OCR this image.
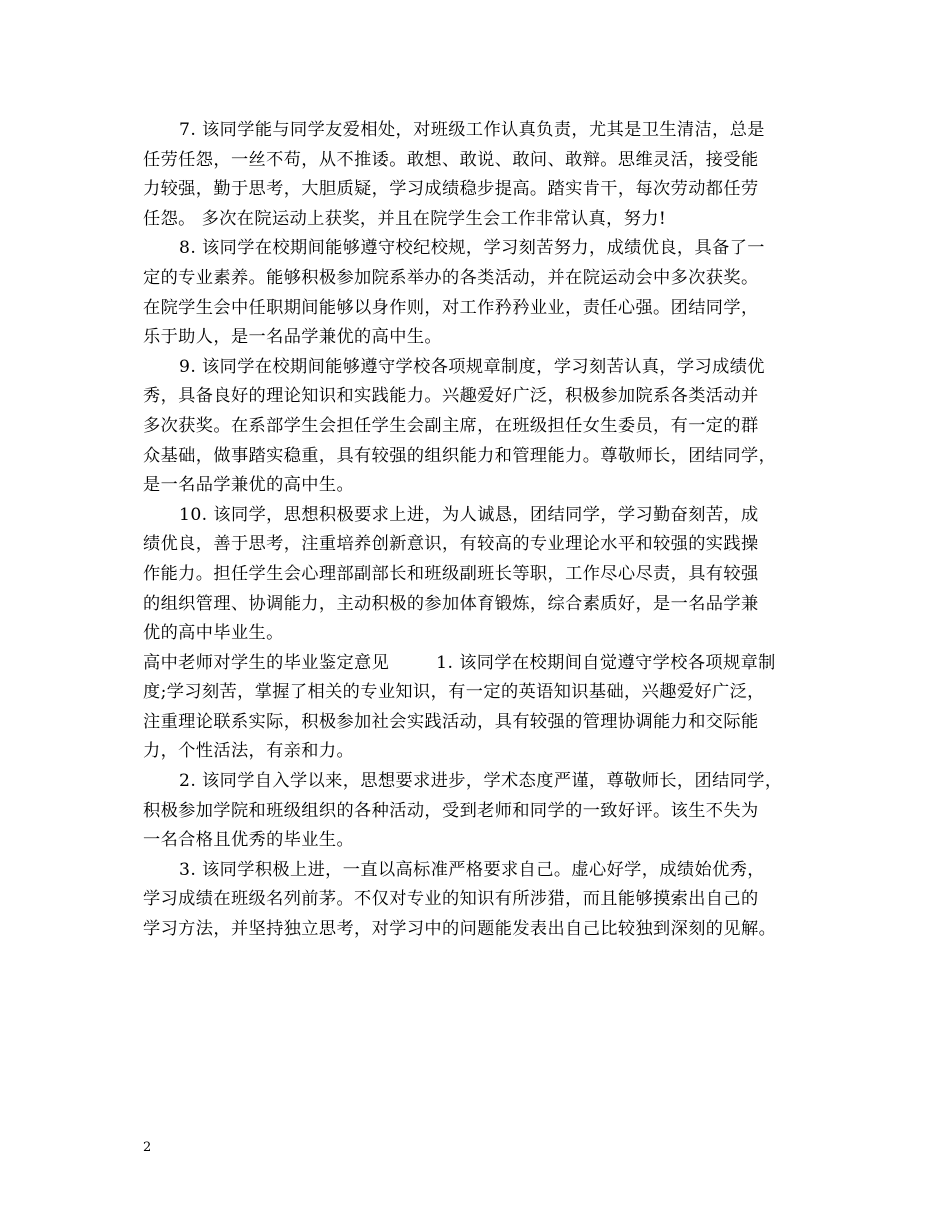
7. 该同学能与同学友爱相处，对班级工作认真负责，尤其是卫生清洁，总是
任劳任怨，一丝不苟，从不推诿。敢想、敢说、敢问、敢辩。思维灵活，接受能
力较强，勤于思考，大胆质疑，学习成绩稳步提高。踏实肯干，每次劳动都任劳
任怨。 多次在院运动上获奖，并且在院学生会工作非常认真，努力!
8. 该同学在校期间能够遵守校纪校规，学习刻苦努力，成绩优良，具备了一
定的专业素养。能够积极参加院系举办的各类活动，并在院运动会中多次获奖。
在院学生会中任职期间能够以身作则，对工作矜矜业业，责任心强。团结同学，
乐于助人，是一名品学兼优的高中生。
9. 该同学在校期间能够遵守学校各项规章制度，学习刻苦认真，学习成绩优
秀，具备良好的理论知识和实践能力。兴趣爱好广泛，积极参加院系各类活动并
多次获奖。在系部学生会担任学生会副主席，在班级担任女生委员，有一定的群
众基础，做事踏实稳重，具有较强的组织能力和管理能力。尊敬师长，团结同学，
是一名品学兼优的高中生。
10. 该同学，思想积极要求上进，为人诚恳，团结同学，学习勤奋刻苦，成
绩优良，善于思考，注重培养创新意识，有较高的专业理论水平和较强的实践操
作能力。担任学生会心理部副部长和班级副班长等职，工作尽心尽责，具有较强
的组织管理、协调能力，主动积极的参加体育锻炼，综合素质好，是一名品学兼
优的高中毕业生。
高中老师对学生的毕业鉴定意见        1. 该同学在校期间自觉遵守学校各项规章制
度;学习刻苦，掌握了相关的专业知识，有一定的英语知识基础，兴趣爱好广泛，
注重理论联系实际，积极参加社会实践活动，具有较强的管理协调能力和交际能
力，个性活法，有亲和力。
2. 该同学自入学以来，思想要求进步，学术态度严谨，尊敬师长，团结同学，
积极参加学院和班级组织的各种活动，受到老师和同学的一致好评。该生不失为
一名合格且优秀的毕业生。
3. 该同学积极上进，一直以高标准严格要求自己。虚心好学，成绩始优秀，
学习成绩在班级名列前茅。不仅对专业的知识有所涉猎，而且能够摸索出自己的
学习方法，并坚持独立思考，对学习中的问题能发表出自己比较独到深刻的见解。
2
